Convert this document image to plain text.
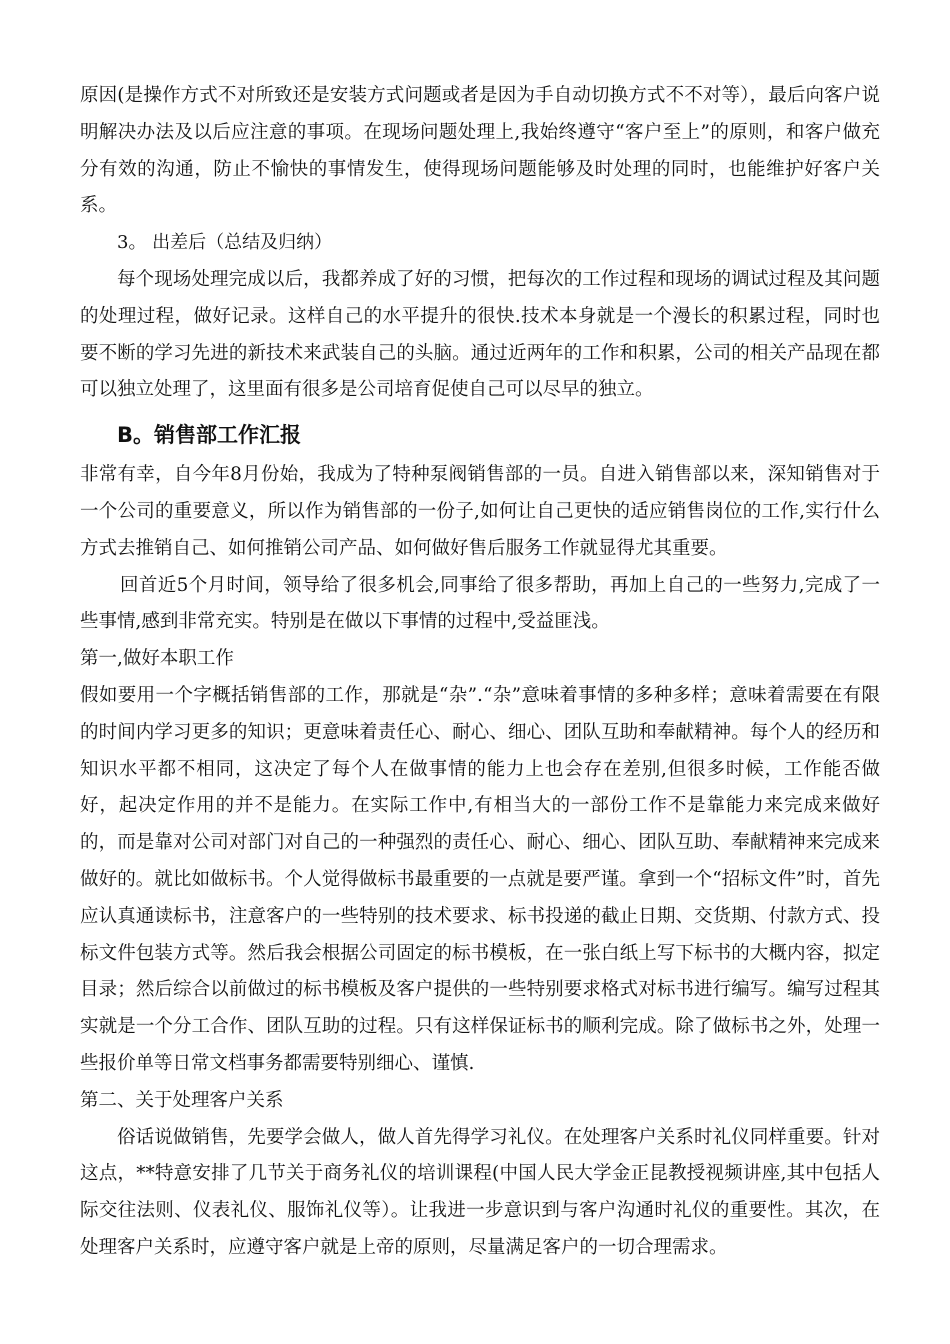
原因(是操作方式不对所致还是安装方式问题或者是因为手自动切换方式不不对等），最后向客户说明解决办法及以后应注意的事项。在现场问题处理上,我始终遵守“客户至上”的原则，和客户做充分有效的沟通，防止不愉快的事情发生，使得现场问题能够及时处理的同时，也能维护好客户关系。

3。 出差后（总结及归纳）

每个现场处理完成以后，我都养成了好的习惯，把每次的工作过程和现场的调试过程及其问题的处理过程，做好记录。这样自己的水平提升的很快.技术本身就是一个漫长的积累过程，同时也要不断的学习先进的新技术来武装自己的头脑。通过近两年的工作和积累，公司的相关产品现在都可以独立处理了，这里面有很多是公司培育促使自己可以尽早的独立。

B。销售部工作汇报

非常有幸，自今年8月份始，我成为了特种泵阀销售部的一员。自进入销售部以来，深知销售对于一个公司的重要意义，所以作为销售部的一份子,如何让自己更快的适应销售岗位的工作,实行什么方式去推销自己、如何推销公司产品、如何做好售后服务工作就显得尤其重要。

回首近5个月时间，领导给了很多机会,同事给了很多帮助，再加上自己的一些努力,完成了一些事情,感到非常充实。特别是在做以下事情的过程中,受益匪浅。

第一,做好本职工作

假如要用一个字概括销售部的工作，那就是“杂”.“杂”意味着事情的多种多样；意味着需要在有限的时间内学习更多的知识；更意味着责任心、耐心、细心、团队互助和奉献精神。每个人的经历和知识水平都不相同，这决定了每个人在做事情的能力上也会存在差别,但很多时候，工作能否做好，起决定作用的并不是能力。在实际工作中,有相当大的一部份工作不是靠能力来完成来做好的，而是靠对公司对部门对自己的一种强烈的责任心、耐心、细心、团队互助、奉献精神来完成来做好的。就比如做标书。个人觉得做标书最重要的一点就是要严谨。拿到一个“招标文件”时，首先应认真通读标书，注意客户的一些特别的技术要求、标书投递的截止日期、交货期、付款方式、投标文件包装方式等。然后我会根据公司固定的标书模板，在一张白纸上写下标书的大概内容，拟定目录；然后综合以前做过的标书模板及客户提供的一些特别要求格式对标书进行编写。编写过程其实就是一个分工合作、团队互助的过程。只有这样保证标书的顺利完成。除了做标书之外，处理一些报价单等日常文档事务都需要特别细心、谨慎.

第二、关于处理客户关系

俗话说做销售，先要学会做人，做人首先得学习礼仪。在处理客户关系时礼仪同样重要。针对这点，**特意安排了几节关于商务礼仪的培训课程(中国人民大学金正昆教授视频讲座,其中包括人际交往法则、仪表礼仪、服饰礼仪等）。让我进一步意识到与客户沟通时礼仪的重要性。其次，在处理客户关系时，应遵守客户就是上帝的原则，尽量满足客户的一切合理需求。
